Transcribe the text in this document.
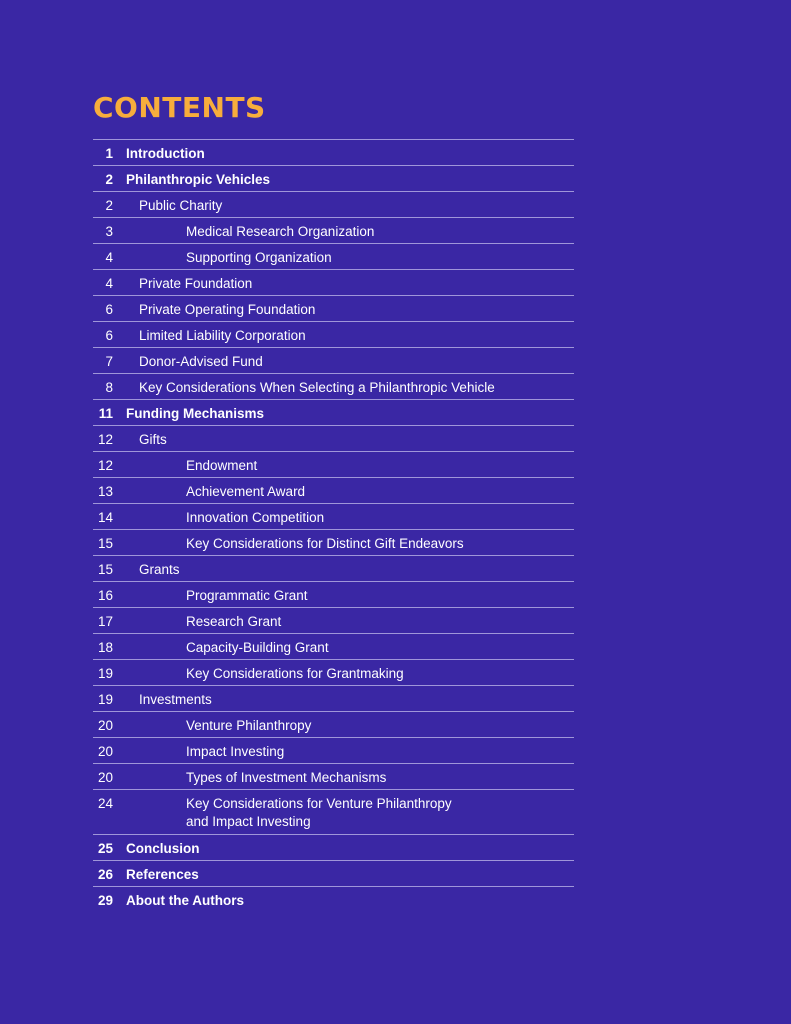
CONTENTS
1 Introduction
2 Philanthropic Vehicles
2	Public Charity
3	Medical Research Organization
4	Supporting Organization
4	Private Foundation
6	Private Operating Foundation
6	Limited Liability Corporation
7	Donor-Advised Fund
8	Key Considerations When Selecting a Philanthropic Vehicle
11 Funding Mechanisms
12	Gifts
12	Endowment
13	Achievement Award
14	Innovation Competition
15	Key Considerations for Distinct Gift Endeavors
15	Grants
16	Programmatic Grant
17	Research Grant
18	Capacity-Building Grant
19	Key Considerations for Grantmaking
19	Investments
20	Venture Philanthropy
20	Impact Investing
20	Types of Investment Mechanisms
24	Key Considerations for Venture Philanthropy
and Impact Investing
25 Conclusion
26 References
29 About the Authors
